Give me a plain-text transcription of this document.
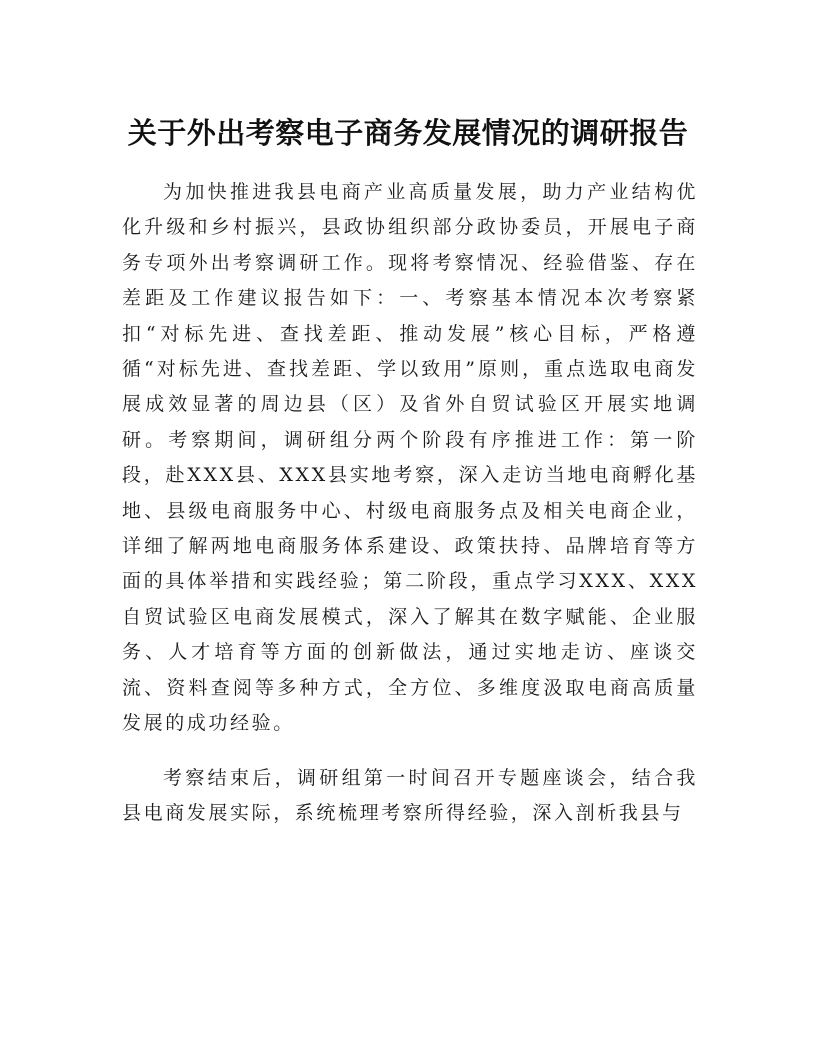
关于外出考察电子商务发展情况的调研报告

为加快推进我县电商产业高质量发展，助力产业结构优化升级和乡村振兴，县政协组织部分政协委员，开展电子商务专项外出考察调研工作。现将考察情况、经验借鉴、存在差距及工作建议报告如下：一、考察基本情况本次考察紧扣“对标先进、查找差距、推动发展”核心目标，严格遵循“对标先进、查找差距、学以致用”原则，重点选取电商发展成效显著的周边县（区）及省外自贸试验区开展实地调研。考察期间，调研组分两个阶段有序推进工作：第一阶段，赴XXX县、XXX县实地考察，深入走访当地电商孵化基地、县级电商服务中心、村级电商服务点及相关电商企业，详细了解两地电商服务体系建设、政策扶持、品牌培育等方面的具体举措和实践经验；第二阶段，重点学习XXX、XXX自贸试验区电商发展模式，深入了解其在数字赋能、企业服务、人才培育等方面的创新做法，通过实地走访、座谈交流、资料查阅等多种方式，全方位、多维度汲取电商高质量发展的成功经验。

考察结束后，调研组第一时间召开专题座谈会，结合我县电商发展实际，系统梳理考察所得经验，深入剖析我县与
